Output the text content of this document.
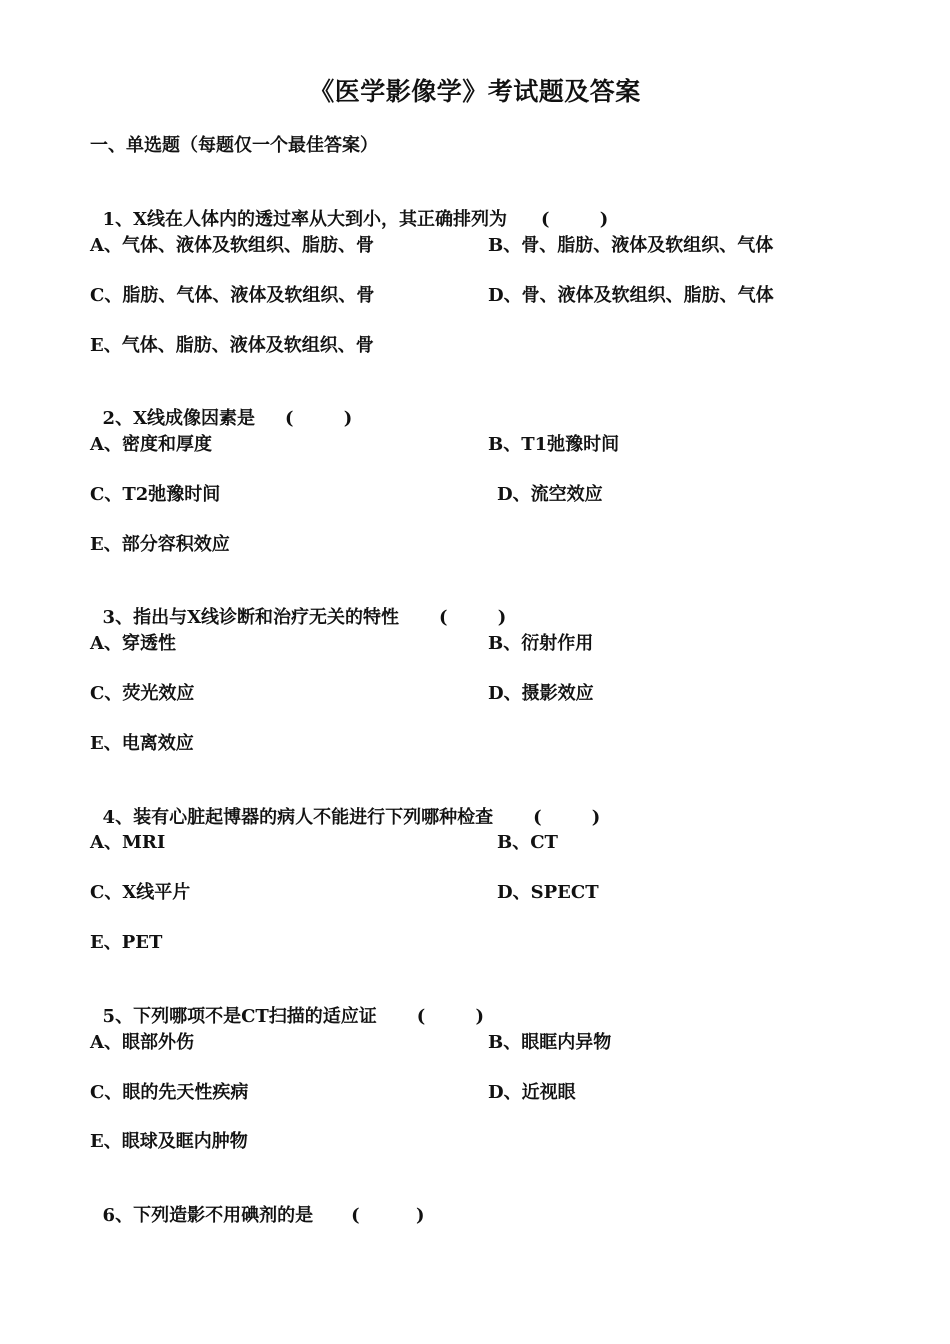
《医学影像学》考试题及答案
一、单选题（每题仅一个最佳答案）

1、X线在人体内的透过率从大到小，其正确排列为 (        )

A、气体、液体及软组织、脂肪、骨	B、骨、脂肪、液体及软组织、气体
C、脂肪、气体、液体及软组织、骨	D、骨、液体及软组织、脂肪、气体
E、气体、脂肪、液体及软组织、骨

2、X线成像因素是 (        )

A、密度和厚度	B、T1弛豫时间
C、T2弛豫时间	D、流空效应
E、部分容积效应

3、指出与X线诊断和治疗无关的特性 (        )

A、穿透性	B、衍射作用
C、荧光效应	D、摄影效应
E、电离效应

4、装有心脏起博器的病人不能进行下列哪种检查 (        )

A、MRI	B、CT
C、X线平片	D、SPECT
E、PET

5、下列哪项不是CT扫描的适应证 (        )

A、眼部外伤	B、眼眶内异物
C、眼的先天性疾病	D、近视眼
E、眼球及眶内肿物

6、下列造影不用碘剂的是 (         )
